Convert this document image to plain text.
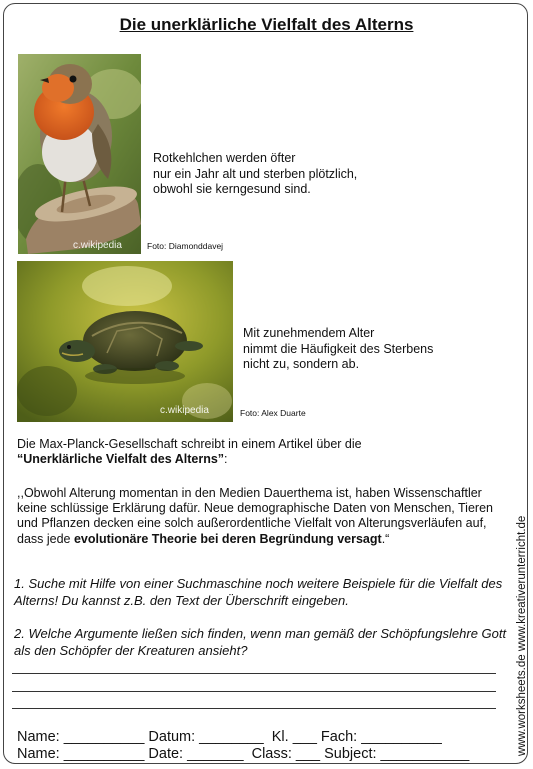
Die unerklärliche Vielfalt des Alterns
c.wikipedia	Foto: Diamonddavej
Rotkehlchen werden öfter
nur ein Jahr alt und sterben plötzlich,
obwohl sie kerngesund sind.
c.wikipedia	Foto: Alex Duarte
Mit zunehmendem Alter
nimmt die Häufigkeit des Sterbens
nicht zu, sondern ab.
Die Max-Planck-Gesellschaft schreibt in einem Artikel über die
“Unerklärliche Vielfalt des Alterns”:
,,Obwohl Alterung momentan in den Medien Dauerthema ist, haben Wissenschaftler keine schlüssige Erklärung dafür. Neue demographische Daten von Menschen, Tieren und Pflanzen decken eine solch außerordentliche Vielfalt von Alterungsverläufen auf, dass jede evolutionäre Theorie bei deren Begründung versagt.“
1. Suche mit Hilfe von einer Suchmaschine noch weitere Beispiele für die Vielfalt des Alterns! Du kannst z.B. den Text der Überschrift eingeben.
2. Welche Argumente ließen sich finden, wenn man gemäß der Schöpfungslehre Gott als den Schöpfer der Kreaturen ansieht?
Name: __________ Datum: ________  Kl. ___ Fach: __________
Name: __________ Date: _______  Class: ___ Subject: ___________	www.worksheets.de www.kreativerunterricht.de
